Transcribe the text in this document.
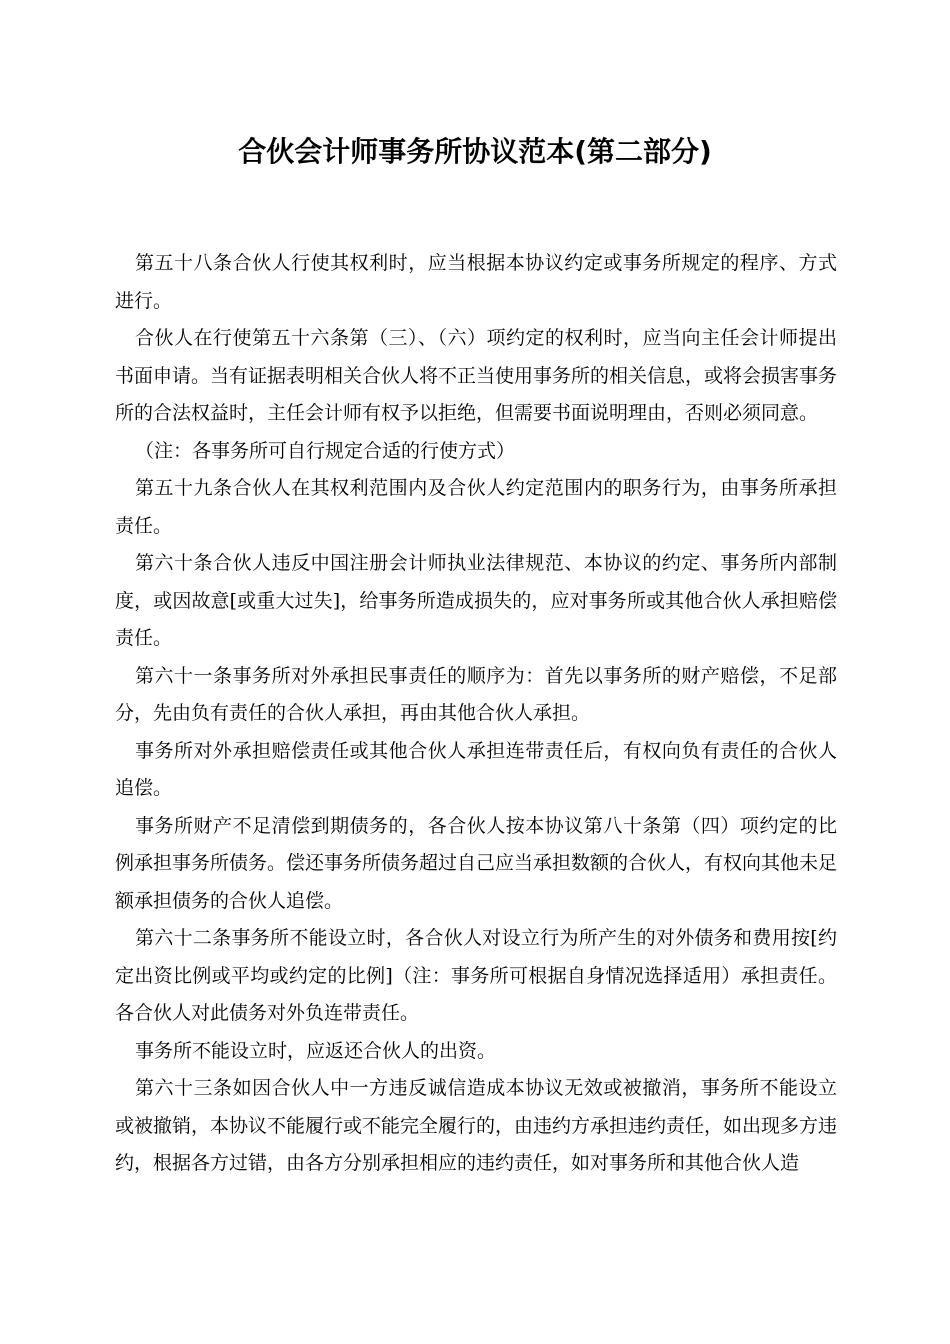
合伙会计师事务所协议范本(第二部分)

第五十八条合伙人行使其权利时，应当根据本协议约定或事务所规定的程序、方式进行。

合伙人在行使第五十六条第（三）、（六）项约定的权利时，应当向主任会计师提出书面申请。当有证据表明相关合伙人将不正当使用事务所的相关信息，或将会损害事务所的合法权益时，主任会计师有权予以拒绝，但需要书面说明理由，否则必须同意。

（注：各事务所可自行规定合适的行使方式）

第五十九条合伙人在其权利范围内及合伙人约定范围内的职务行为，由事务所承担责任。

第六十条合伙人违反中国注册会计师执业法律规范、本协议的约定、事务所内部制度，或因故意[或重大过失]，给事务所造成损失的，应对事务所或其他合伙人承担赔偿责任。

第六十一条事务所对外承担民事责任的顺序为：首先以事务所的财产赔偿，不足部分，先由负有责任的合伙人承担，再由其他合伙人承担。

事务所对外承担赔偿责任或其他合伙人承担连带责任后，有权向负有责任的合伙人追偿。

事务所财产不足清偿到期债务的，各合伙人按本协议第八十条第（四）项约定的比例承担事务所债务。偿还事务所债务超过自己应当承担数额的合伙人，有权向其他未足额承担债务的合伙人追偿。

第六十二条事务所不能设立时，各合伙人对设立行为所产生的对外债务和费用按[约定出资比例或平均或约定的比例]（注：事务所可根据自身情况选择适用）承担责任。各合伙人对此债务对外负连带责任。

事务所不能设立时，应返还合伙人的出资。

第六十三条如因合伙人中一方违反诚信造成本协议无效或被撤消，事务所不能设立或被撤销，本协议不能履行或不能完全履行的，由违约方承担违约责任，如出现多方违约，根据各方过错，由各方分别承担相应的违约责任，如对事务所和其他合伙人造
